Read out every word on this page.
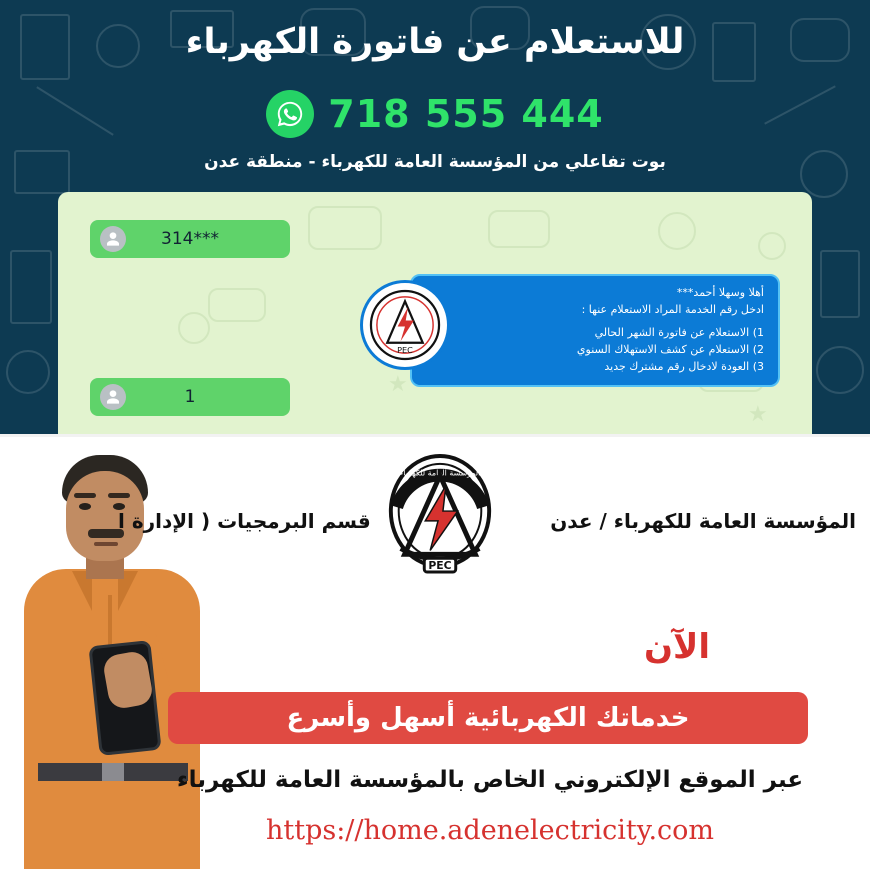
للاستعلام عن فاتورة الكهرباء
718 555 444
بوت تفاعلي من المؤسسة العامة للكهرباء - منطقة عدن
★
★
314***
1
أهلا وسهلا أحمد***
ادخل رقم الخدمة المراد الاستعلام عنها :
1) الاستعلام عن فاتورة الشهر الحالي
2) الاستعلام عن كشف الاستهلاك السنوي
3) العودة لادخال رقم مشترك جديد
PEC
المؤسسة العامة للكهرباء
PEC
المؤسسة العامة للكهرباء / عدن
قسم البرمجيات ( الإدارة ا
الآن
خدماتك الكهربائية أسهل وأسرع
عبر الموقع الإلكتروني الخاص بالمؤسسة العامة للكهرباء
https://home.adenelectricity.com
